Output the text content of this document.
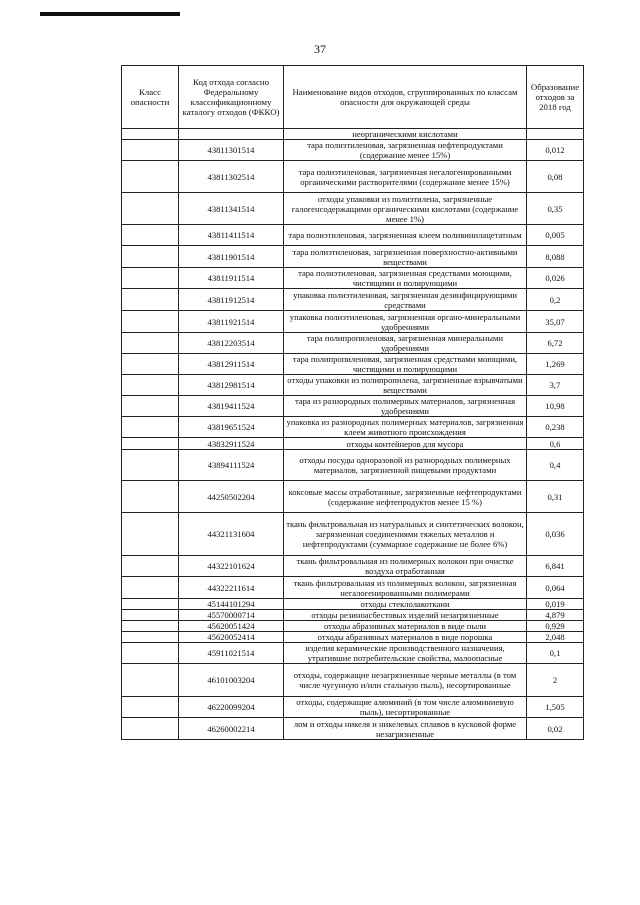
37
Класс опасности	Код отхода согласно Федеральному классификационному каталогу отходов (ФККО)	Наименование видов отходов, сгруппированных по классам опасности для окружающей среды	Образование отходов за 2018 год
		неорганическими кислотами	
	43811301514	тара полиэтиленовая, загрязненная нефтепродуктами (содержание менее 15%)	0,012
	43811302514	тара полиэтиленовая, загрязненная негалогенированными органическими растворителями (содержание менее 15%)	0,08
	43811341514	отходы упаковки из полиэтилена, загрязненные галогенсодержащими органическими кислотами (содержание менее 1%)	0,35
	43811411514	тара полиэтиленовая, загрязненная клеем поливинилацетатным	0,005
	43811901514	тара полиэтиленовая, загрязненная поверхностно-активными веществами	8,088
	43811911514	тара полиэтиленовая, загрязненная средствами моющими, чистящими и полирующими	0,026
	43811912514	упаковка полиэтиленовая, загрязненная дезинфицирующими средствами	0,2
	43811921514	упаковка полиэтиленовая, загрязненная органо-минеральными удобрениями	35,07
	43812203514	тара полипропиленовая, загрязненная минеральными удобрениями	6,72
	43812911514	тара полипропиленовая, загрязненная средствами моющими, чистящими и полирующими	1,269
	43812981514	отходы упаковки из полипропилена, загрязненные взрывчатыми веществами	3,7
	43819411524	тара из разнородных полимерных материалов, загрязненная удобрениями	10,98
	43819651524	упаковка из разнородных полимерных материалов, загрязненная клеем животного происхождения	0,238
	43832911524	отходы контейнеров для мусора	0,6
	43894111524	отходы посуды одноразовой из разнородных полимерных материалов, загрязненной пищевыми продуктами	0,4
	44250502204	коксовые массы отработанные, загрязненные нефтепродуктами (содержание нефтепродуктов менее 15 %)	0,31
	44321131604	ткань фильтровальная из натуральных и синтетических волокон, загрязненная соединениями тяжелых металлов и нефтепродуктами (суммарное содержание не более 6%)	0,036
	44322101624	ткань фильтровальная из полимерных волокон при очистке воздуха отработанная	6,841
	44322211614	ткань фильтровальная из полимерных волокон, загрязненная негалогенированными полимерами	0,064
	45144101294	отходы стеклолакоткани	0,019
	45570000714	отходы резиноасбестовых изделий незагрязненные	4,879
	45620051424	отходы абразивных материалов в виде пыли	0,929
	45620052414	отходы абразивных материалов в виде порошка	2,048
	45911021514	изделия керамические производственного назначения, утратившие потребительские свойства, малоопасные	0,1
	46101003204	отходы, содержащие незагрязненные черные металлы (в том числе чугунную и/или стальную пыль), несортированные	2
	46220099204	отходы, содержащие алюминий (в том числе алюминиевую пыль), несортированные	1,505
	46260002214	лом и отходы никеля и никелевых сплавов в кусковой форме незагрязненные	0,02
